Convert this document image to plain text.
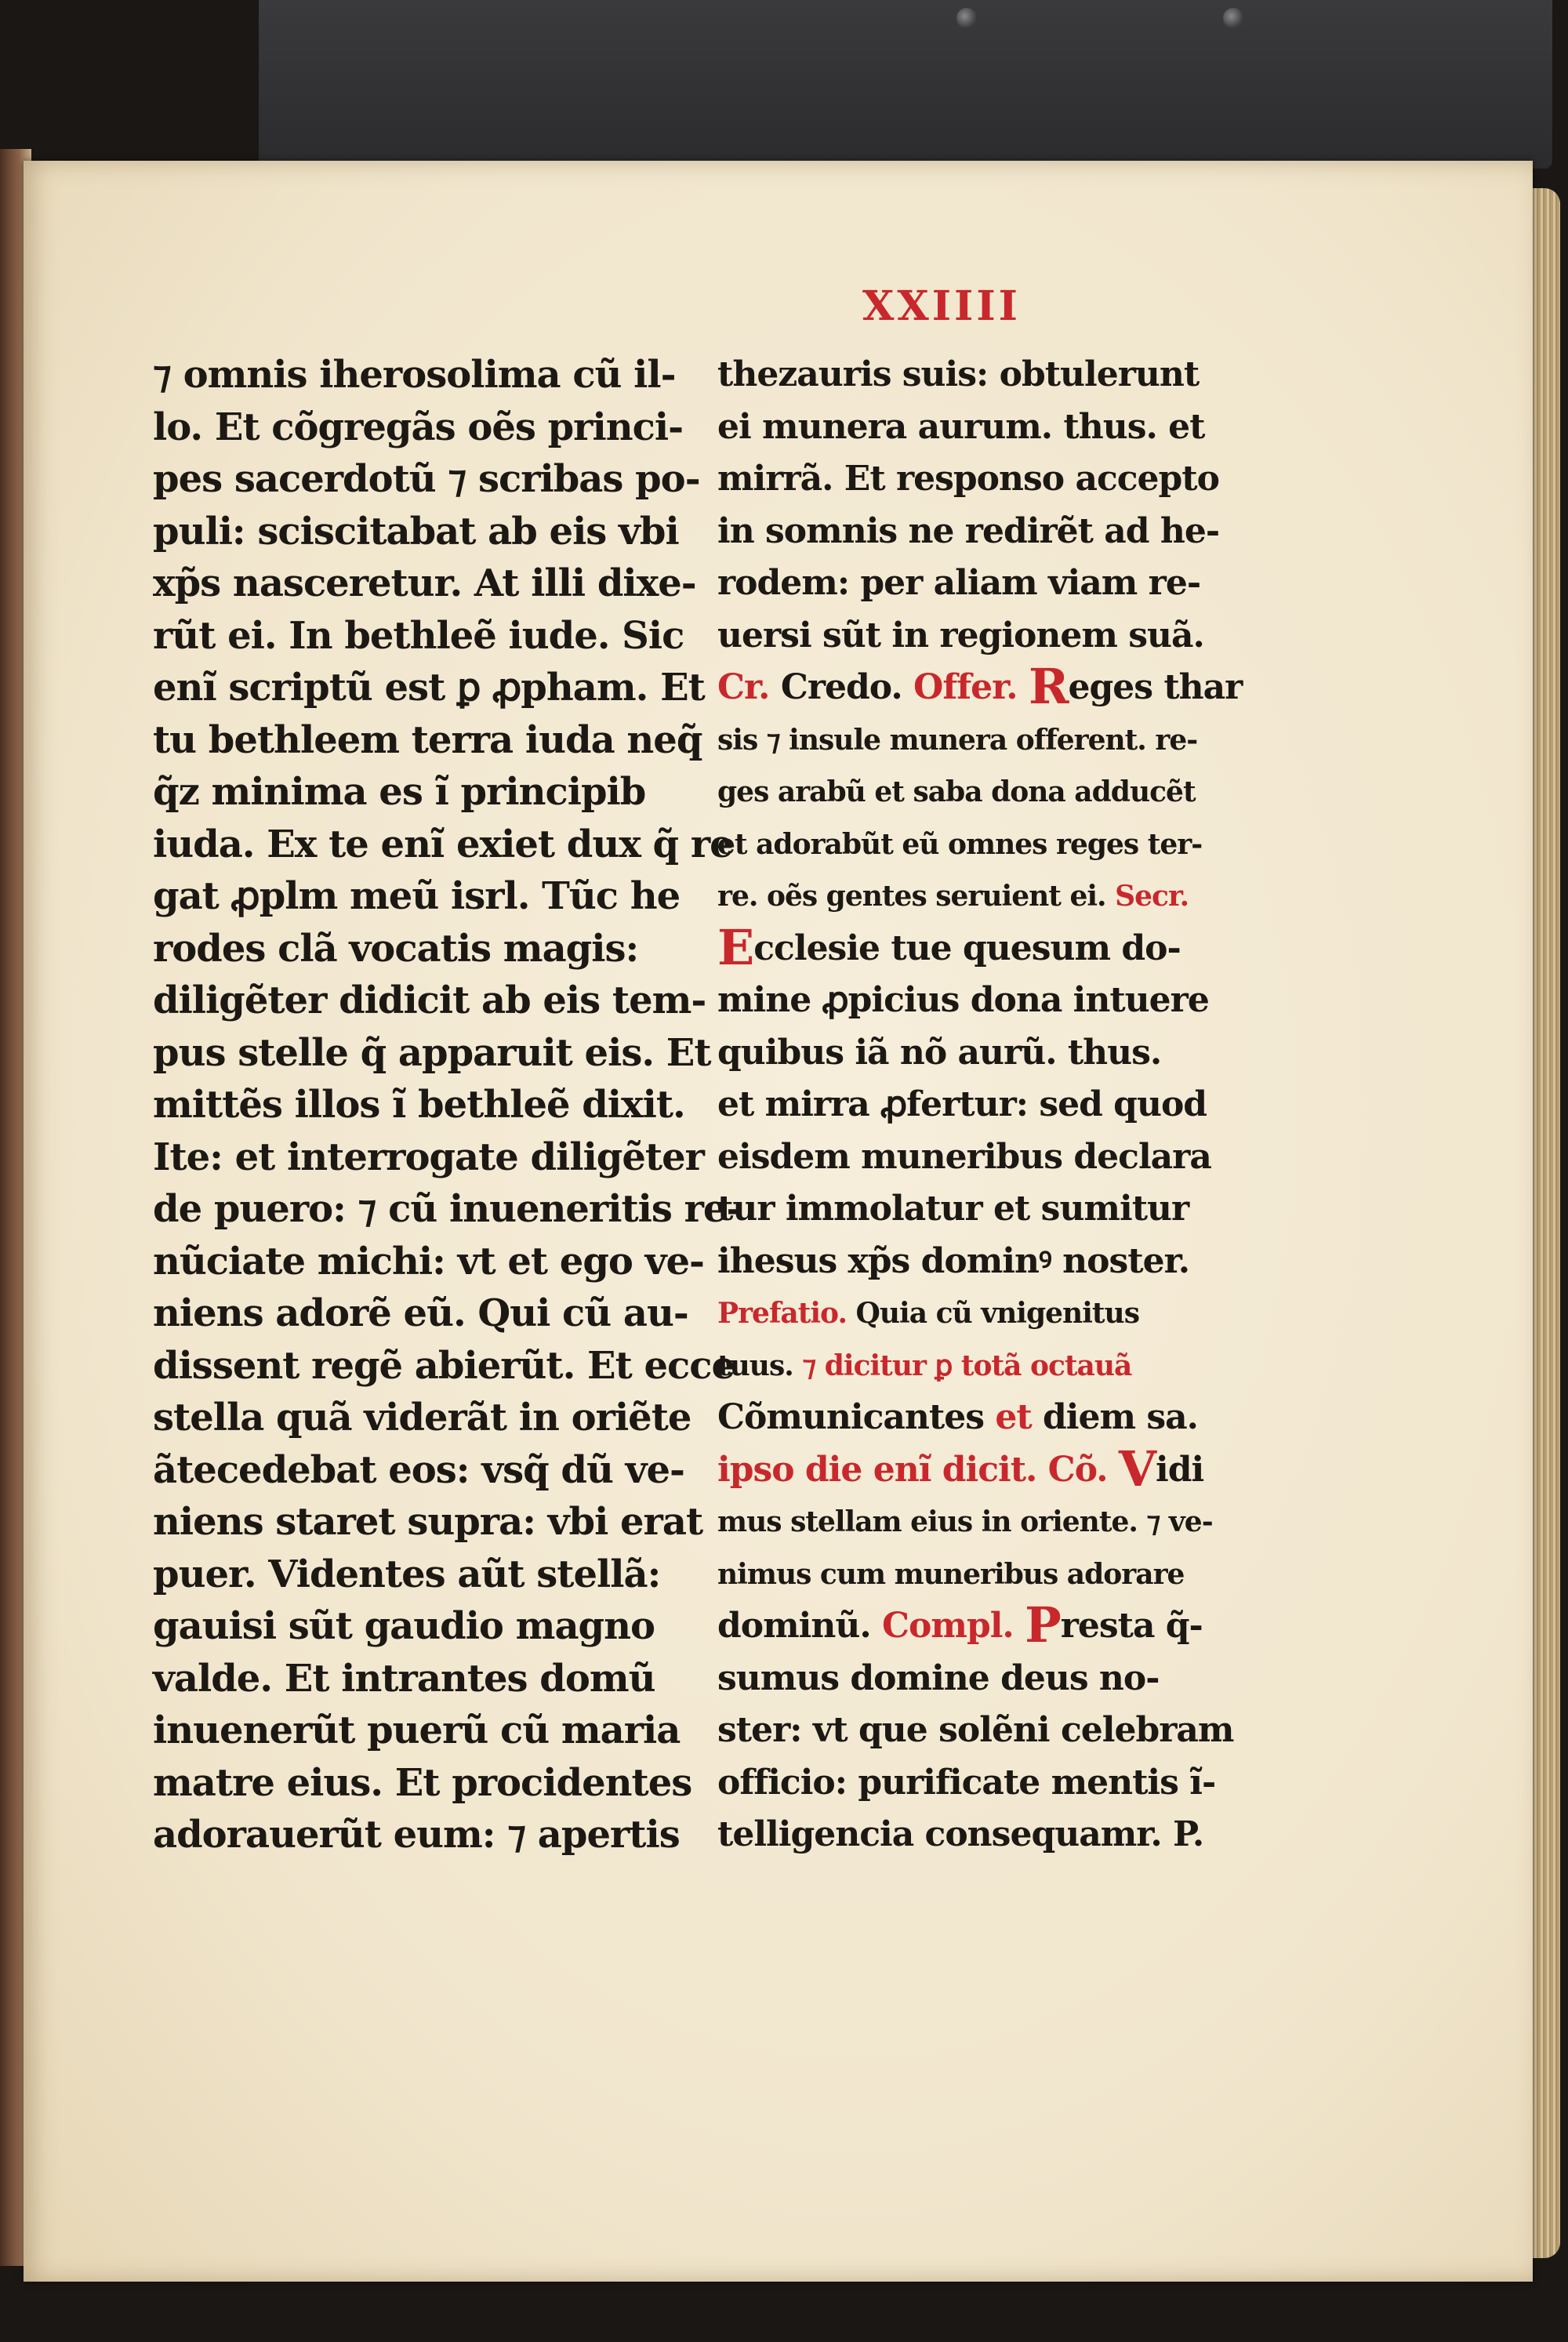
XXIIII
⁊ omnis iherosolima cũ il-
lo. Et cõgregãs oẽs princi-
pes sacerdotũ ⁊ scribas po-
puli: sciscitabat ab eis vbi
xp̃s nasceretur. At illi dixe-
rũt ei. In bethleẽ iude. Sic
enĩ scriptũ est ꝑ ꝓpham. Et
tu bethleem terra iuda neq̃
q̃z minima es ĩ principib
iuda. Ex te enĩ exiet dux q̃ re
gat ꝓplm meũ isrl. Tũc he
rodes clã vocatis magis:
diligẽter didicit ab eis tem-
pus stelle q̃ apparuit eis. Et
mittẽs illos ĩ bethleẽ dixit.
Ite: et interrogate diligẽter
de puero: ⁊ cũ inueneritis re-
nũciate michi: vt et ego ve-
niens adorẽ eũ. Qui cũ au-
dissent regẽ abierũt. Et ecce
stella quã viderãt in oriẽte
ãtecedebat eos: vsq̃ dũ ve-
niens staret supra: vbi erat
puer. Videntes aũt stellã:
gauisi sũt gaudio magno
valde. Et intrantes domũ
inuenerũt puerũ cũ maria
matre eius. Et procidentes
adorauerũt eum: ⁊ apertis
thezauris suis: obtulerunt
ei munera aurum. thus. et
mirrã. Et responso accepto
in somnis ne redirẽt ad he-
rodem: per aliam viam re-
uersi sũt in regionem suã.
Cr. Credo. Offer. Reges thar
sis ⁊ insule munera offerent. re-
ges arabũ et saba dona adducẽt
et adorabũt eũ omnes reges ter-
re. oẽs gentes seruient ei. Secr.
Ecclesie tue quesum dο-
mine ꝓpicius dona intuere
quibus iã nõ aurũ. thus.
et mirra ꝓfertur: sed quod
eisdem muneribus declara
tur immolatur et sumitur
ihesus xp̃s dominꝰ noster.
Prefatio. Quia cũ vnigenitus
tuus. ⁊ dicitur ꝑ totã octauã
Cõmunicantes et diem sa.
ipso die enĩ dicit. Cõ. Vidi
mus stellam eius in oriente. ⁊ ve-
nimus cum muneribus adorare
dominũ. Compl. Presta q̃-
sumus domine deus no-
ster: vt que solẽni celebram
officio: purificate mentis ĩ-
telligencia consequamr. P.
